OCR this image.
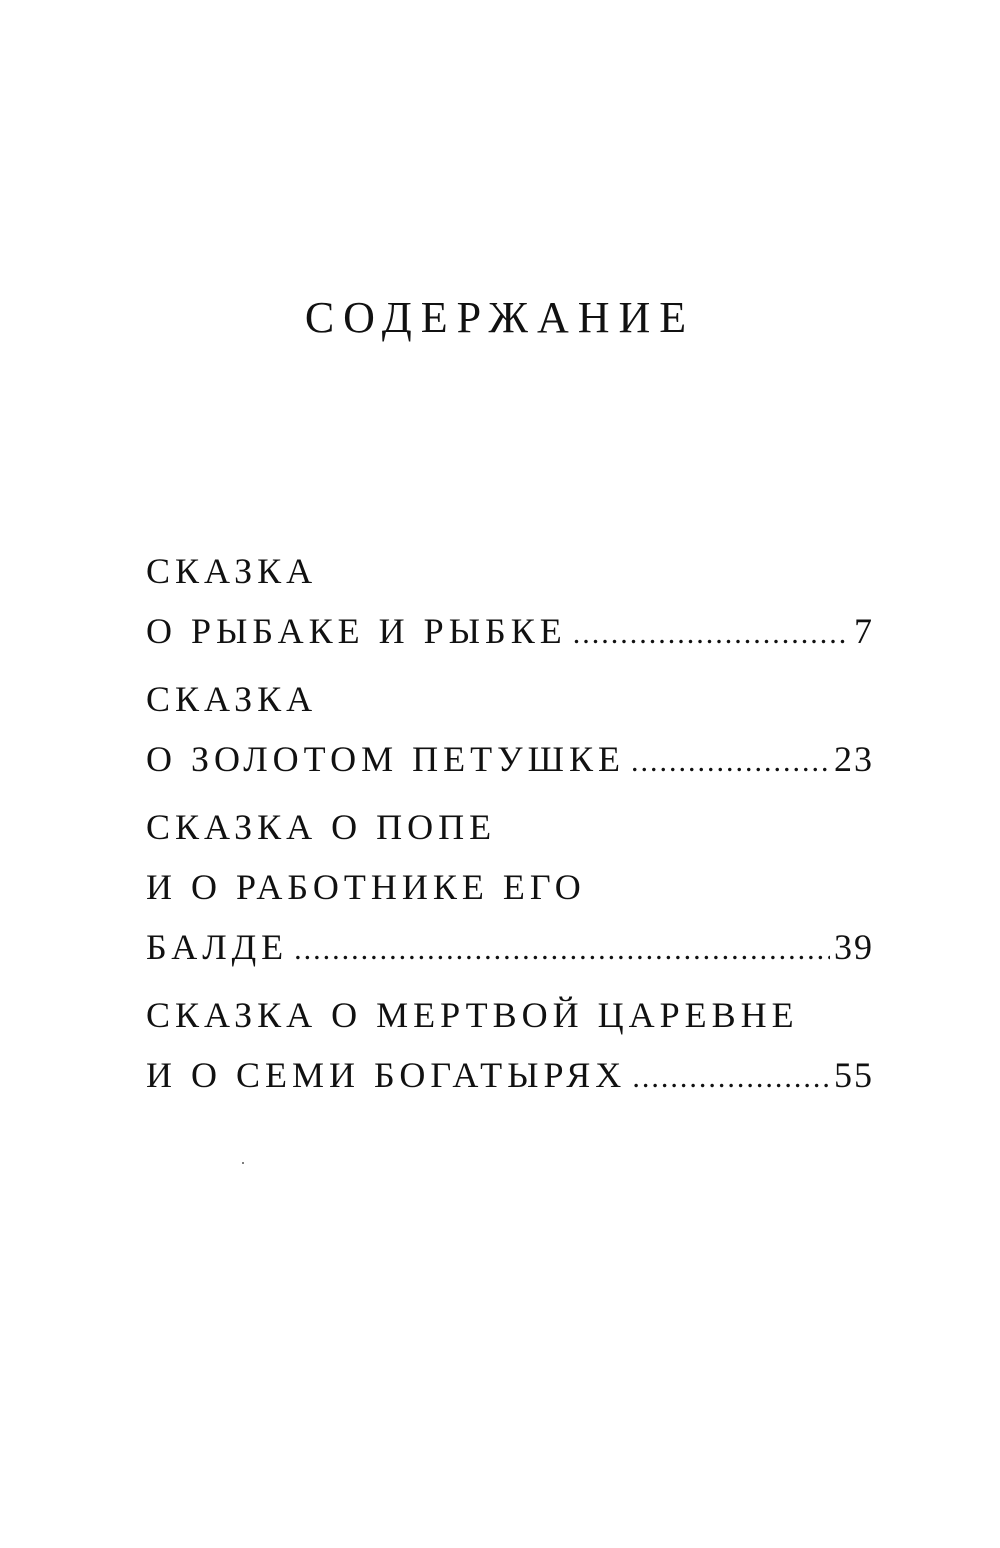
СОДЕРЖАНИЕ
СКАЗКА
О РЫБАКЕ И РЫБКЕ .....	7
СКАЗКА
О ЗОЛОТОМ ПЕТУШКЕ .....	23
СКАЗКА О ПОПЕ
И О РАБОТНИКЕ ЕГО
БАЛДЕ .....	39
СКАЗКА О МЕРТВОЙ ЦАРЕВНЕ
И О СЕМИ БОГАТЫРЯХ .....	55
